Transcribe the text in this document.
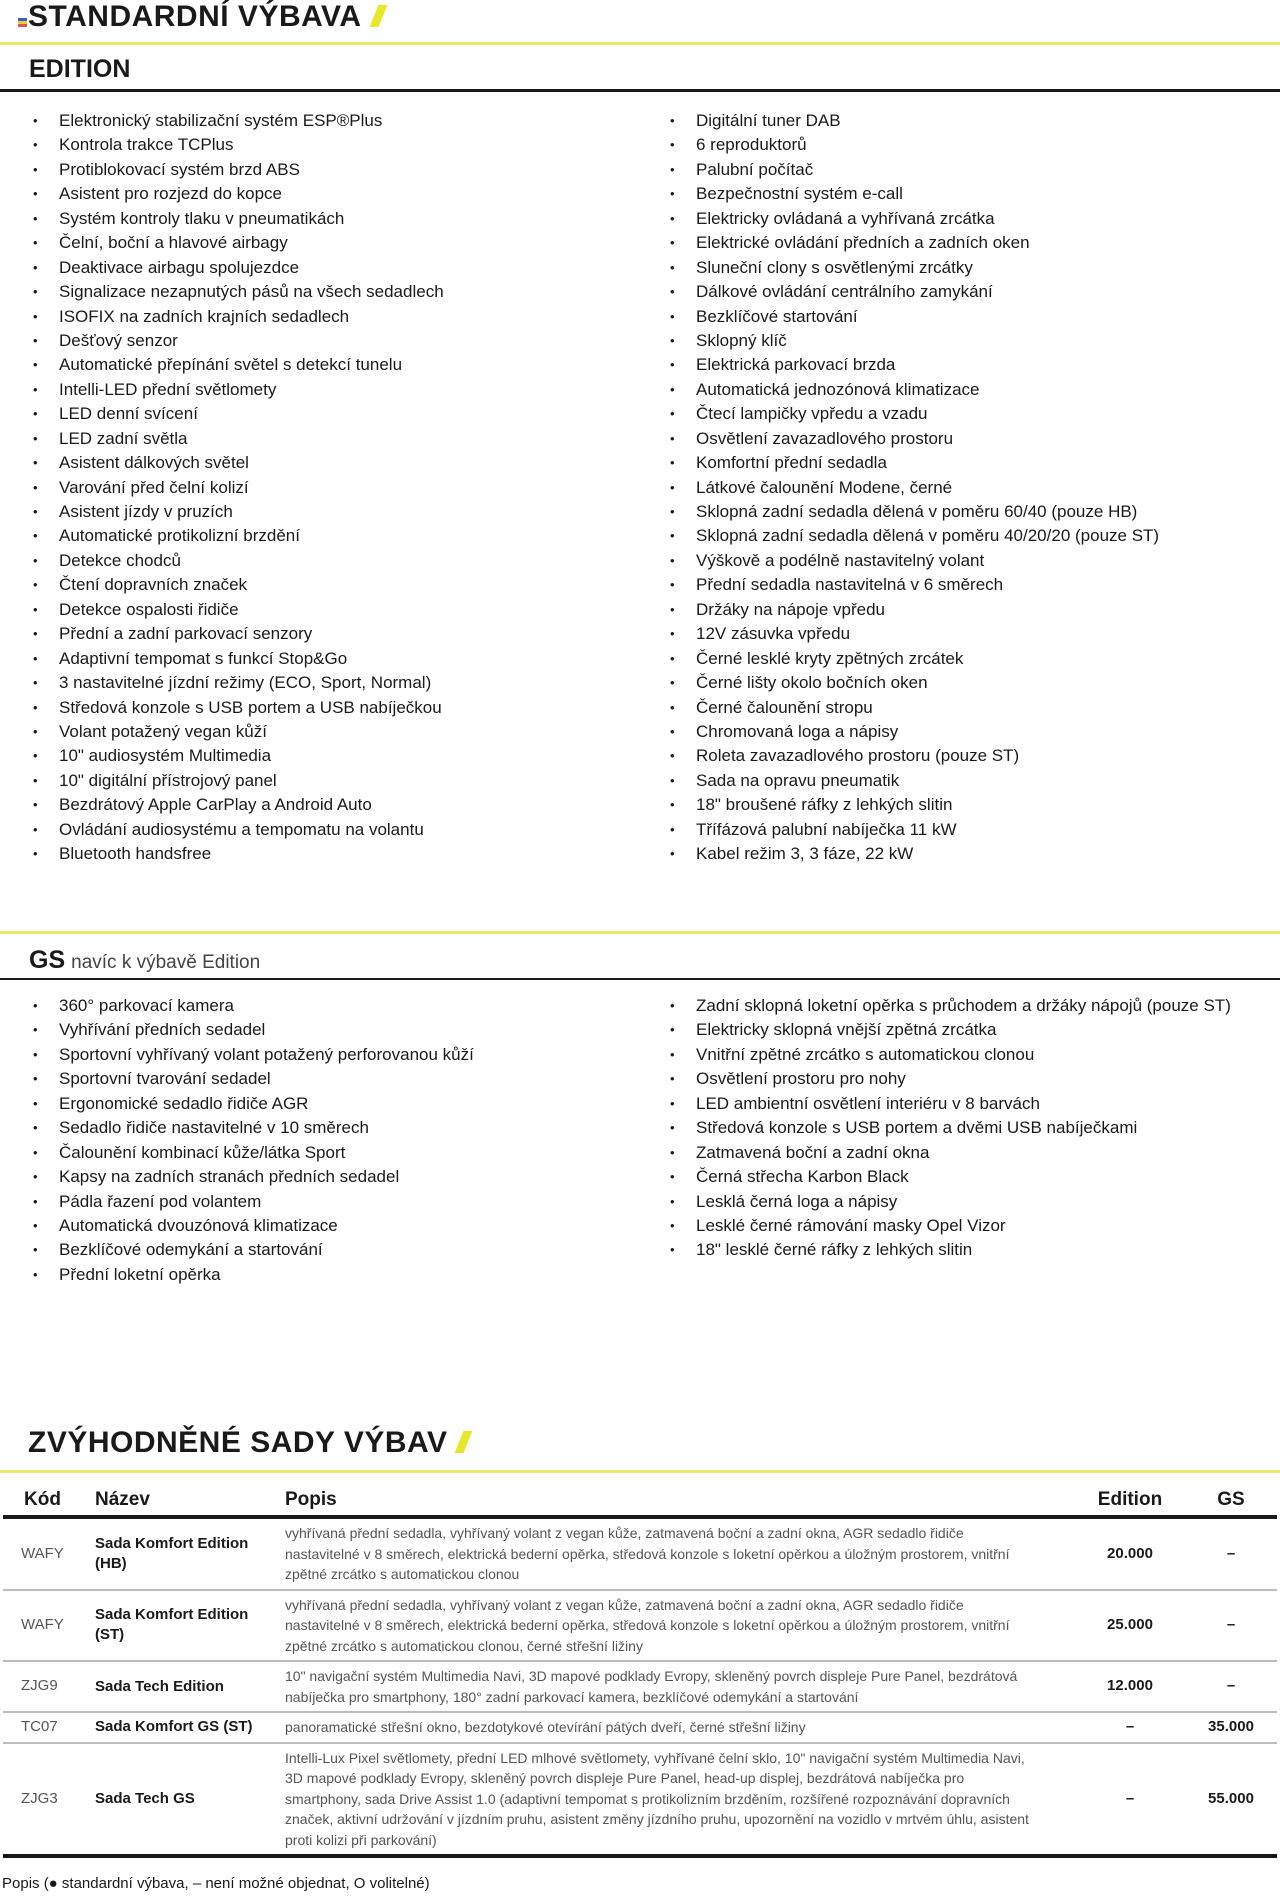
STANDARDNÍ VÝBAVA
EDITION
• Elektronický stabilizační systém ESP®Plus
• Kontrola trakce TCPlus
• Protiblokovací systém brzd ABS
• Asistent pro rozjezd do kopce
• Systém kontroly tlaku v pneumatikách
• Čelní, boční a hlavové airbagy
• Deaktivace airbagu spolujezdce
• Signalizace nezapnutých pásů na všech sedadlech
• ISOFIX na zadních krajních sedadlech
• Dešťový senzor
• Automatické přepínání světel s detekcí tunelu
• Intelli-LED přední světlomety
• LED denní svícení
• LED zadní světla
• Asistent dálkových světel
• Varování před čelní kolizí
• Asistent jízdy v pruzích
• Automatické protikolizní brzdění
• Detekce chodců
• Čtení dopravních značek
• Detekce ospalosti řidiče
• Přední a zadní parkovací senzory
• Adaptivní tempomat s funkcí Stop&Go
• 3 nastavitelné jízdní režimy (ECO, Sport, Normal)
• Středová konzole s USB portem a USB nabíječkou
• Volant potažený vegan kůží
• 10" audiosystém Multimedia
• 10" digitální přístrojový panel
• Bezdrátový Apple CarPlay a Android Auto
• Ovládání audiosystému a tempomatu na volantu
• Bluetooth handsfree
• Digitální tuner DAB
• 6 reproduktorů
• Palubní počítač
• Bezpečnostní systém e-call
• Elektricky ovládaná a vyhřívaná zrcátka
• Elektrické ovládání předních a zadních oken
• Sluneční clony s osvětlenými zrcátky
• Dálkové ovládání centrálního zamykání
• Bezklíčové startování
• Sklopný klíč
• Elektrická parkovací brzda
• Automatická jednozónová klimatizace
• Čtecí lampičky vpředu a vzadu
• Osvětlení zavazadlového prostoru
• Komfortní přední sedadla
• Látkové čalounění Modene, černé
• Sklopná zadní sedadla dělená v poměru 60/40 (pouze HB)
• Sklopná zadní sedadla dělená v poměru 40/20/20 (pouze ST)
• Výškově a podélně nastavitelný volant
• Přední sedadla nastavitelná v 6 směrech
• Držáky na nápoje vpředu
• 12V zásuvka vpředu
• Černé lesklé kryty zpětných zrcátek
• Černé lišty okolo bočních oken
• Černé čalounění stropu
• Chromovaná loga a nápisy
• Roleta zavazadlového prostoru (pouze ST)
• Sada na opravu pneumatik
• 18" broušené ráfky z lehkých slitin
• Třífázová palubní nabíječka 11 kW
• Kabel režim 3, 3 fáze, 22 kW
GS navíc k výbavě Edition
• 360° parkovací kamera
• Vyhřívání předních sedadel
• Sportovní vyhřívaný volant potažený perforovanou kůží
• Sportovní tvarování sedadel
• Ergonomické sedadlo řidiče AGR
• Sedadlo řidiče nastavitelné v 10 směrech
• Čalounění kombinací kůže/látka Sport
• Kapsy na zadních stranách předních sedadel
• Pádla řazení pod volantem
• Automatická dvouzónová klimatizace
• Bezklíčové odemykání a startování
• Přední loketní opěrka
• Zadní sklopná loketní opěrka s průchodem a držáky nápojů (pouze ST)
• Elektricky sklopná vnější zpětná zrcátka
• Vnitřní zpětné zrcátko s automatickou clonou
• Osvětlení prostoru pro nohy
• LED ambientní osvětlení interiéru v 8 barvách
• Středová konzole s USB portem a dvěmi USB nabíječkami
• Zatmavená boční a zadní okna
• Černá střecha Karbon Black
• Lesklá černá loga a nápisy
• Lesklé černé rámování masky Opel Vizor
• 18" lesklé černé ráfky z lehkých slitin
ZVÝHODNĚNÉ SADY VÝBAV
Kód	Název	Popis	Edition	GS
WAFY	Sada Komfort Edition (HB)	vyhřívaná přední sedadla, vyhřívaný volant z vegan kůže, zatmavená boční a zadní okna, AGR sedadlo řidiče nastavitelné v 8 směrech, elektrická bederní opěrka, středová konzole s loketní opěrkou a úložným prostorem, vnitřní zpětné zrcátko s automatickou clonou	20.000	–
WAFY	Sada Komfort Edition (ST)	vyhřívaná přední sedadla, vyhřívaný volant z vegan kůže, zatmavená boční a zadní okna, AGR sedadlo řidiče nastavitelné v 8 směrech, elektrická bederní opěrka, středová konzole s loketní opěrkou a úložným prostorem, vnitřní zpětné zrcátko s automatickou clonou, černé střešní ližiny	25.000	–
ZJG9	Sada Tech Edition	10" navigační systém Multimedia Navi, 3D mapové podklady Evropy, skleněný povrch displeje Pure Panel, bezdrátová nabíječka pro smartphony, 180° zadní parkovací kamera, bezklíčové odemykání a startování	12.000	–
TC07	Sada Komfort GS (ST)	panoramatické střešní okno, bezdotykové otevírání pátých dveří, černé střešní ližiny	–	35.000
ZJG3	Sada Tech GS	Intelli-Lux Pixel světlomety, přední LED mlhové světlomety, vyhřívané čelní sklo, 10" navigační systém Multimedia Navi, 3D mapové podklady Evropy, skleněný povrch displeje Pure Panel, head-up displej, bezdrátová nabíječka pro smartphony, sada Drive Assist 1.0 (adaptivní tempomat s protikolizním brzděním, rozšířené rozpoznávání dopravních značek, aktivní udržování v jízdním pruhu, asistent změny jízdního pruhu, upozornění na vozidlo v mrtvém úhlu, asistent proti kolizi při parkování)	–	55.000
Popis (● standardní výbava, – není možné objednat, O volitelné)
